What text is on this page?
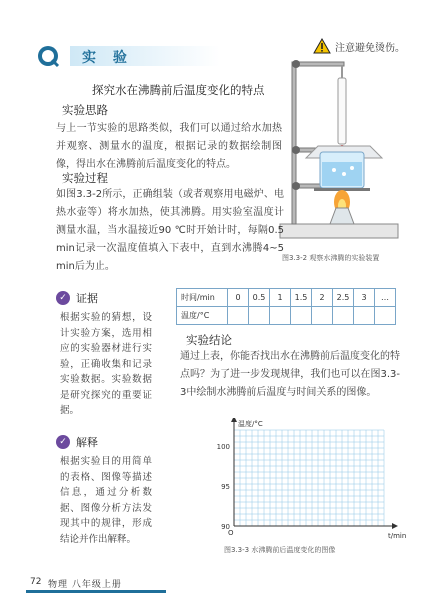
实 验
注意避免烫伤。
图3.3-2 观察水沸腾的实验装置
探究水在沸腾前后温度变化的特点
实验思路
与上一节实验的思路类似，我们可以通过给水加热并观察、测量水的温度，根据记录的数据绘制图像，得出水在沸腾前后温度变化的特点。
实验过程
如图3.3-2所示，正确组装（或者观察用电磁炉、电热水壶等）将水加热，使其沸腾。用实验室温度计测量水温，当水温接近90 ℃时开始计时，每隔0.5 min记录一次温度值填入下表中，直到水沸腾4~5 min后为止。
✓ 证据
根据实验的猜想，设计实验方案，选用相应的实验器材进行实验，正确收集和记录实验数据。实验数据是研究探究的重要证据。
✓ 解释
根据实验目的用简单的表格、图像等描述信息，通过分析数据、图像分析方法发现其中的规律，形成结论并作出解释。
时间/min	0	0.5	1	1.5	2	2.5	3	…
温度/°C								
实验结论
通过上表，你能否找出水在沸腾前后温度变化的特点吗？为了进一步发现规律，我们也可以在图3.3-3中绘制水沸腾前后温度与时间关系的图像。
100
95
90
温度/°C
t/min
O
图3.3-3 水沸腾前后温度变化的图像
72 物理 八年级上册
